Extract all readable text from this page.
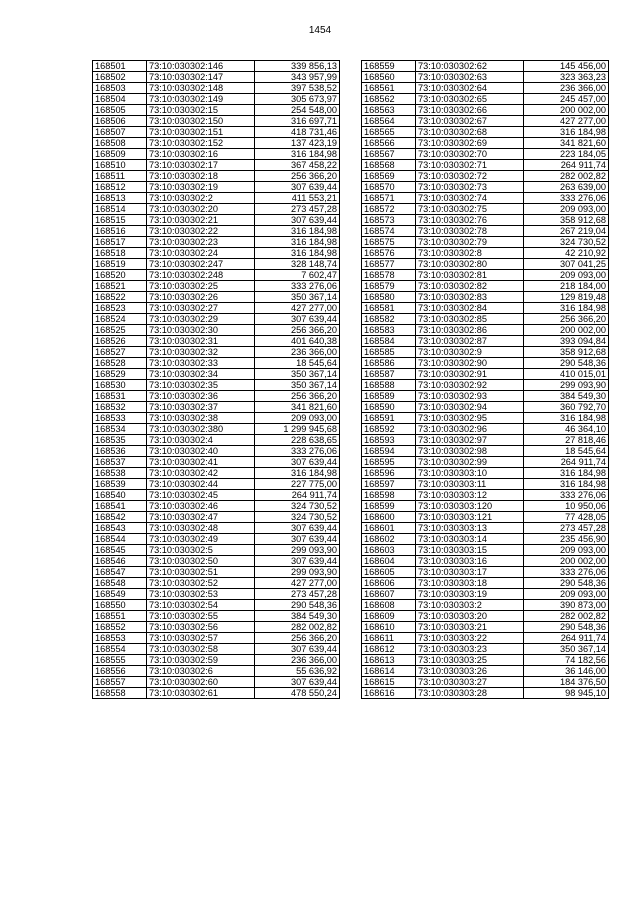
1454
168501	73:10:030302:146	339 856,13
168502	73:10:030302:147	343 957,99
168503	73:10:030302:148	397 538,52
168504	73:10:030302:149	305 673,97
168505	73:10:030302:15	254 548,00
168506	73:10:030302:150	316 697,71
168507	73:10:030302:151	418 731,46
168508	73:10:030302:152	137 423,19
168509	73:10:030302:16	316 184,98
168510	73:10:030302:17	367 458,22
168511	73:10:030302:18	256 366,20
168512	73:10:030302:19	307 639,44
168513	73:10:030302:2	411 553,21
168514	73:10:030302:20	273 457,28
168515	73:10:030302:21	307 639,44
168516	73:10:030302:22	316 184,98
168517	73:10:030302:23	316 184,98
168518	73:10:030302:24	316 184,98
168519	73:10:030302:247	328 148,74
168520	73:10:030302:248	7 602,47
168521	73:10:030302:25	333 276,06
168522	73:10:030302:26	350 367,14
168523	73:10:030302:27	427 277,00
168524	73:10:030302:29	307 639,44
168525	73:10:030302:30	256 366,20
168526	73:10:030302:31	401 640,38
168527	73:10:030302:32	236 366,00
168528	73:10:030302:33	18 545,64
168529	73:10:030302:34	350 367,14
168530	73:10:030302:35	350 367,14
168531	73:10:030302:36	256 366,20
168532	73:10:030302:37	341 821,60
168533	73:10:030302:38	209 093,00
168534	73:10:030302:380	1 299 945,68
168535	73:10:030302:4	228 638,65
168536	73:10:030302:40	333 276,06
168537	73:10:030302:41	307 639,44
168538	73:10:030302:42	316 184,98
168539	73:10:030302:44	227 775,00
168540	73:10:030302:45	264 911,74
168541	73:10:030302:46	324 730,52
168542	73:10:030302:47	324 730,52
168543	73:10:030302:48	307 639,44
168544	73:10:030302:49	307 639,44
168545	73:10:030302:5	299 093,90
168546	73:10:030302:50	307 639,44
168547	73:10:030302:51	299 093,90
168548	73:10:030302:52	427 277,00
168549	73:10:030302:53	273 457,28
168550	73:10:030302:54	290 548,36
168551	73:10:030302:55	384 549,30
168552	73:10:030302:56	282 002,82
168553	73:10:030302:57	256 366,20
168554	73:10:030302:58	307 639,44
168555	73:10:030302:59	236 366,00
168556	73:10:030302:6	55 636,92
168557	73:10:030302:60	307 639,44
168558	73:10:030302:61	478 550,24
168559	73:10:030302:62	145 456,00
168560	73:10:030302:63	323 363,23
168561	73:10:030302:64	236 366,00
168562	73:10:030302:65	245 457,00
168563	73:10:030302:66	200 002,00
168564	73:10:030302:67	427 277,00
168565	73:10:030302:68	316 184,98
168566	73:10:030302:69	341 821,60
168567	73:10:030302:70	223 184,05
168568	73:10:030302:71	264 911,74
168569	73:10:030302:72	282 002,82
168570	73:10:030302:73	263 639,00
168571	73:10:030302:74	333 276,06
168572	73:10:030302:75	209 093,00
168573	73:10:030302:76	358 912,68
168574	73:10:030302:78	267 219,04
168575	73:10:030302:79	324 730,52
168576	73:10:030302:8	42 210,92
168577	73:10:030302:80	307 041,25
168578	73:10:030302:81	209 093,00
168579	73:10:030302:82	218 184,00
168580	73:10:030302:83	129 819,48
168581	73:10:030302:84	316 184,98
168582	73:10:030302:85	256 366,20
168583	73:10:030302:86	200 002,00
168584	73:10:030302:87	393 094,84
168585	73:10:030302:9	358 912,68
168586	73:10:030302:90	290 548,36
168587	73:10:030302:91	410 015,01
168588	73:10:030302:92	299 093,90
168589	73:10:030302:93	384 549,30
168590	73:10:030302:94	360 792,70
168591	73:10:030302:95	316 184,98
168592	73:10:030302:96	46 364,10
168593	73:10:030302:97	27 818,46
168594	73:10:030302:98	18 545,64
168595	73:10:030302:99	264 911,74
168596	73:10:030303:10	316 184,98
168597	73:10:030303:11	316 184,98
168598	73:10:030303:12	333 276,06
168599	73:10:030303:120	10 950,06
168600	73:10:030303:121	77 428,05
168601	73:10:030303:13	273 457,28
168602	73:10:030303:14	235 456,90
168603	73:10:030303:15	209 093,00
168604	73:10:030303:16	200 002,00
168605	73:10:030303:17	333 276,06
168606	73:10:030303:18	290 548,36
168607	73:10:030303:19	209 093,00
168608	73:10:030303:2	390 873,00
168609	73:10:030303:20	282 002,82
168610	73:10:030303:21	290 548,36
168611	73:10:030303:22	264 911,74
168612	73:10:030303:23	350 367,14
168613	73:10:030303:25	74 182,56
168614	73:10:030303:26	36 146,00
168615	73:10:030303:27	184 376,50
168616	73:10:030303:28	98 945,10
